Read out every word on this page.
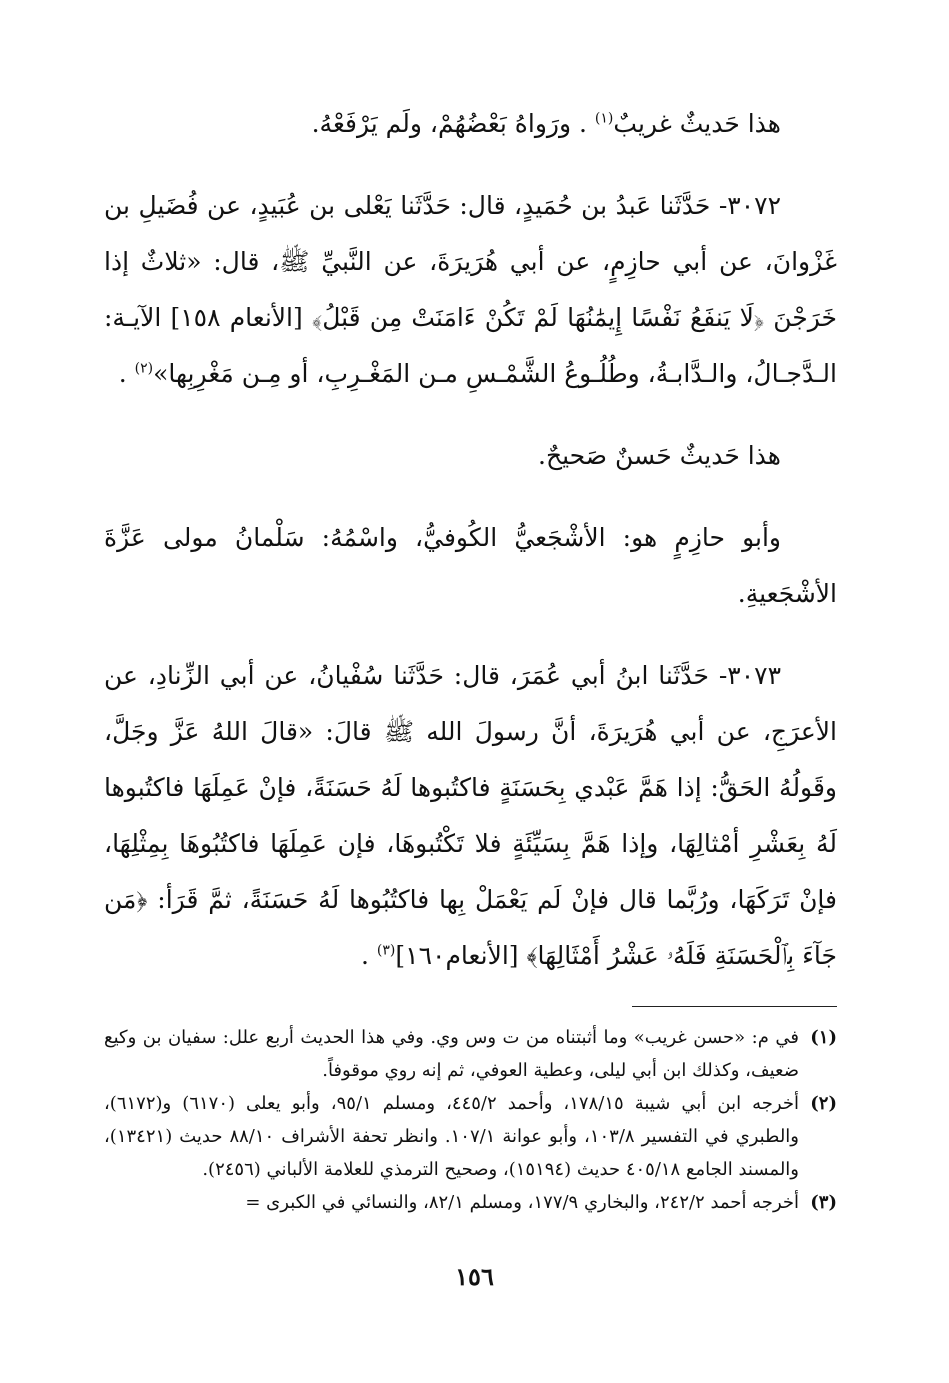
هذا حَديثٌ غريبٌ$^{(١)}$ . ورَواهُ بَعْضُهُمْ، ولَم يَرْفَعْهُ.

٣٠٧٢- حَدَّثَنا عَبدُ بن حُمَيدٍ، قال: حَدَّثَنا يَعْلى بن عُبَيدٍ، عن فُضَيلِ بن غَزْوانَ، عن أبي حازِمٍ، عن أبي هُرَيرَةَ، عن النَّبيِّ ﷺ، قال: «ثلاثٌ إذا خَرَجْنَ ﴿لَا يَنفَعُ نَفْسًا إِيمَٰنُهَا لَمْ تَكُنْ ءَامَنَتْ مِن قَبْلُ﴾ [الأنعام ١٥٨] الآيـة: الـدَّجـالُ، والـدَّابـةُ، وطُلُـوعُ الشَّمْـسِ مـن المَغْـرِبِ، أو مِـن مَغْرِبِها»$^{(٢)}$ .

هذا حَديثٌ حَسنٌ صَحيحٌ.

وأبو حازِمٍ هو: الأشْجَعيُّ الكُوفيُّ، واسْمُهُ: سَلْمانُ مولى عَزَّةَ الأشْجَعيةِ.

٣٠٧٣- حَدَّثَنا ابنُ أبي عُمَرَ، قال: حَدَّثَنا سُفْيانُ، عن أبي الزِّنادِ، عن الأعرَجِ، عن أبي هُرَيرَةَ، أنَّ رسولَ الله ﷺ قالَ: «قالَ اللهُ عَزَّ وجَلَّ، وقَولُهُ الحَقُّ: إذا هَمَّ عَبْدي بِحَسَنَةٍ فاكتُبوها لَهُ حَسَنَةً، فإنْ عَمِلَهَا فاكتُبوها لَهُ بِعَشْرِ أمْثالِهَا، وإذا هَمَّ بِسَيِّئَةٍ فلا تَكْتُبوهَا، فإن عَمِلَهَا فاكتُبُوهَا بِمِثْلِهَا، فإنْ تَرَكَهَا، ورُبَّما قال فإنْ لَم يَعْمَلْ بِها فاكتُبُوها لَهُ حَسَنَةً، ثمَّ قَرَأ: ﴿مَن جَآءَ بِٱلْحَسَنَةِ فَلَهُۥ عَشْرُ أَمْثَالِهَا﴾ [الأنعام١٦٠]$^{(٣)}$ .

(١)
في م: «حسن غريب» وما أثبتناه من ت وس وي. وفي هذا الحديث أربع علل: سفيان بن وكيع ضعيف، وكذلك ابن أبي ليلى، وعطية العوفي، ثم إنه روي موقوفاً.
(٢)
أخرجه ابن أبي شيبة ١٧٨/١٥، وأحمد ٤٤٥/٢، ومسلم ٩٥/١، وأبو يعلى (٦١٧٠) و(٦١٧٢)، والطبري في التفسير ١٠٣/٨، وأبو عوانة ١٠٧/١. وانظر تحفة الأشراف ٨٨/١٠ حديث (١٣٤٢١)، والمسند الجامع ٤٠٥/١٨ حديث (١٥١٩٤)، وصحيح الترمذي للعلامة الألباني (٢٤٥٦).
(٣)
أخرجه أحمد ٢٤٢/٢، والبخاري ١٧٧/٩، ومسلم ٨٢/١، والنسائي في الكبرى =
١٥٦
